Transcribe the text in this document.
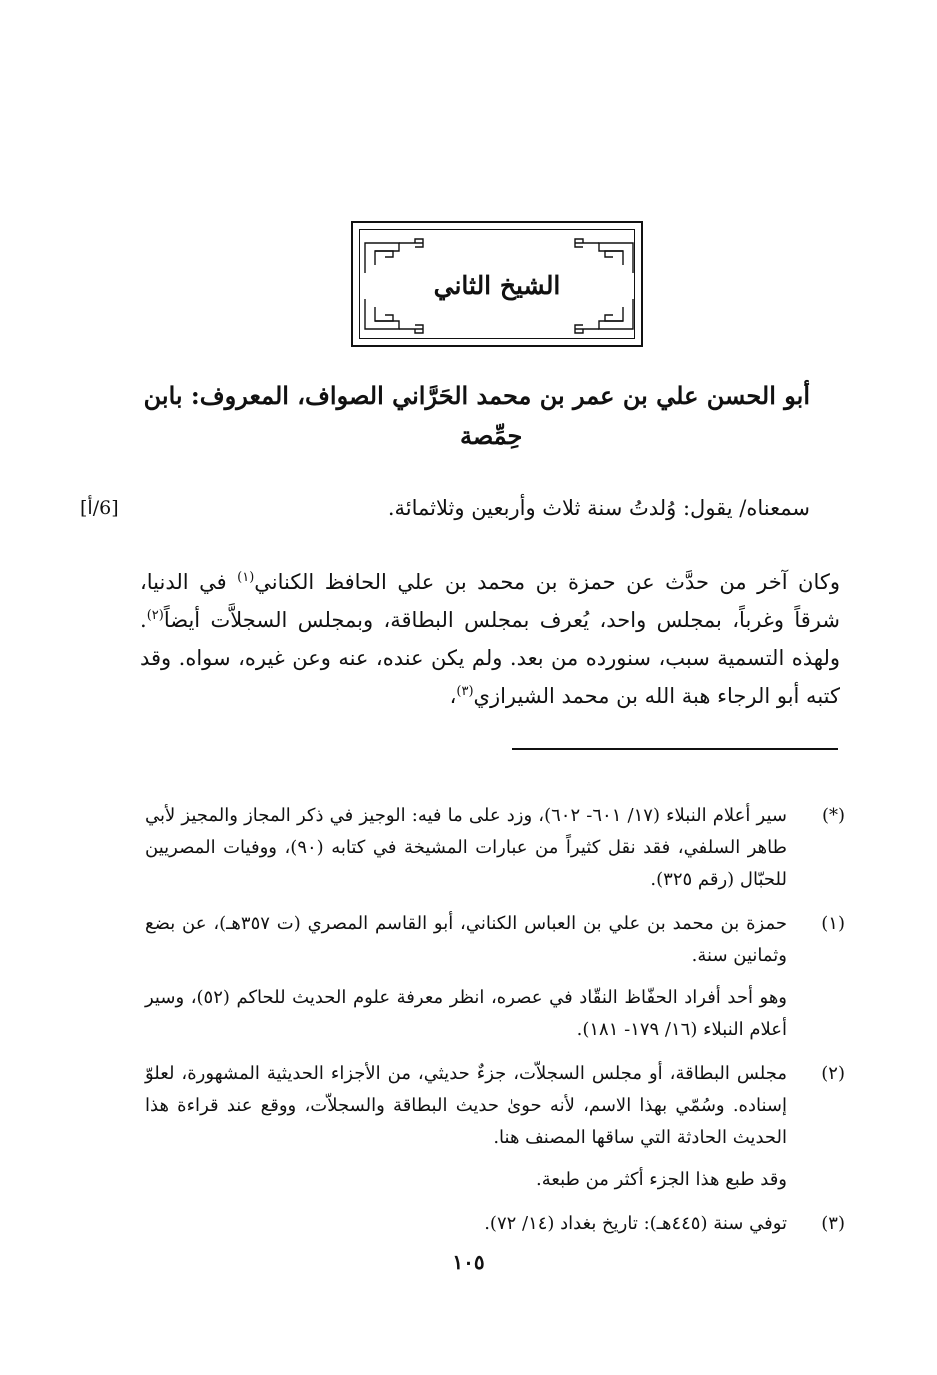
الشيخ الثاني
أبو الحسن علي بن عمر بن محمد الحَرَّاني الصواف، المعروف: بابن
حِمِّصة
سمعناه/ يقول: وُلدتُ سنة ثلاث وأربعين وثلاثمائة.
[6/أ]
وكان آخر من حدَّث عن حمزة بن محمد بن علي الحافظ الكناني$^{(١)}$ في الدنيا، شرقاً وغرباً، بمجلس واحد، يُعرف بمجلس البطاقة، وبمجلس السجلاَّت أيضاً$^{(٢)}$. ولهذه التسمية سبب، سنورده من بعد. ولم يكن عنده، عنه وعن غيره، سواه. وقد كتبه أبو الرجاء هبة الله بن محمد الشيرازي$^{(٣)}$،
(*)

سير أعلام النبلاء (١٧/ ٦٠١- ٦٠٢)، وزد على ما فيه: الوجيز في ذكر المجاز والمجيز لأبي طاهر السلفي، فقد نقل كثيراً من عبارات المشيخة في كتابه (٩٠)، ووفيات المصريين للحبّال (رقم ٣٢٥).

(١)

حمزة بن محمد بن علي بن العباس الكناني، أبو القاسم المصري (ت ٣٥٧هـ)، عن بضع وثمانين سنة.

وهو أحد أفراد الحفّاظ النقّاد في عصره، انظر معرفة علوم الحديث للحاكم (٥٢)، وسير أعلام النبلاء (١٦/ ١٧٩- ١٨١).

(٢)

مجلس البطاقة، أو مجلس السجلاّت، جزءٌ حديثي، من الأجزاء الحديثية المشهورة، لعلوّ إسناده. وسُمّي بهذا الاسم، لأنه حوىٰ حديث البطاقة والسجلاّت، ووقع عند قراءة هذا الحديث الحادثة التي ساقها المصنف هنا.

وقد طبع هذا الجزء أكثر من طبعة.

(٣)

توفي سنة (٤٤٥هـ): تاريخ بغداد (١٤/ ٧٢).

١٠٥
